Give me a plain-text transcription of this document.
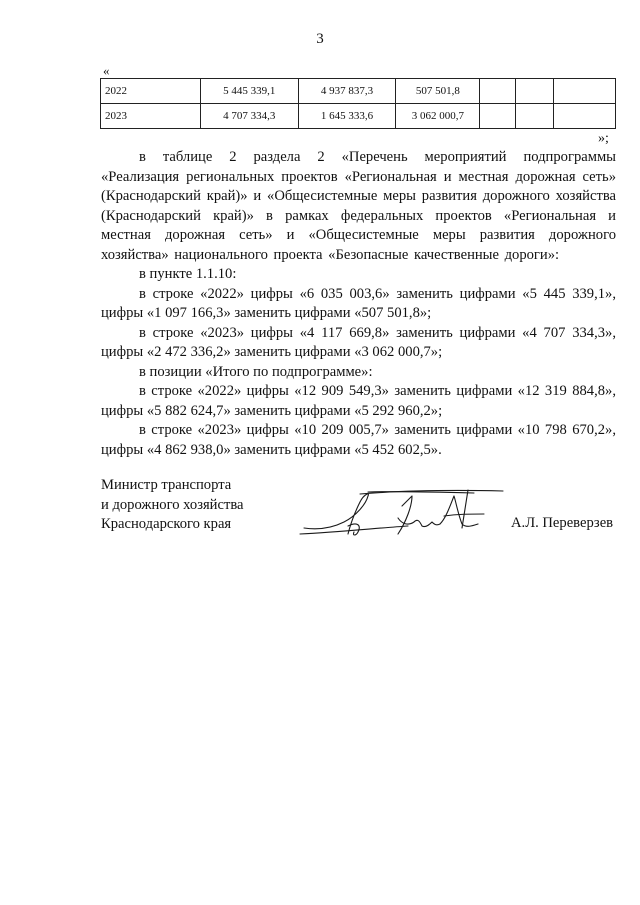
3
«
2022	5 445 339,1	4 937 837,3	507 501,8			
2023	4 707 334,3	1 645 333,6	3 062 000,7			
»;

в таблице 2 раздела 2 «Перечень мероприятий подпрограммы «Реализация региональных проектов «Региональная и местная дорожная сеть» (Краснодарский край)» и «Общесистемные меры развития дорожного хозяйства (Краснодарский край)» в рамках федеральных проектов «Региональная и местная дорожная сеть» и «Общесистемные меры развития дорожного хозяйства» национального проекта «Безопасные качественные дороги»:

в пункте 1.1.10:

в строке «2022» цифры «6 035 003,6» заменить цифрами «5 445 339,1», цифры «1 097 166,3» заменить цифрами «507 501,8»;

в строке «2023» цифры «4 117 669,8» заменить цифрами «4 707 334,3», цифры «2 472 336,2» заменить цифрами «3 062 000,7»;

в позиции «Итого по подпрограмме»:

в строке «2022» цифры «12 909 549,3» заменить цифрами «12 319 884,8», цифры «5 882 624,7» заменить цифрами «5 292 960,2»;

в строке «2023» цифры «10 209 005,7» заменить цифрами «10 798 670,2», цифры «4 862 938,0» заменить цифрами «5 452 602,5».

Министр транспорта
и дорожного хозяйства
Краснодарского края	А.Л. Переверзев
